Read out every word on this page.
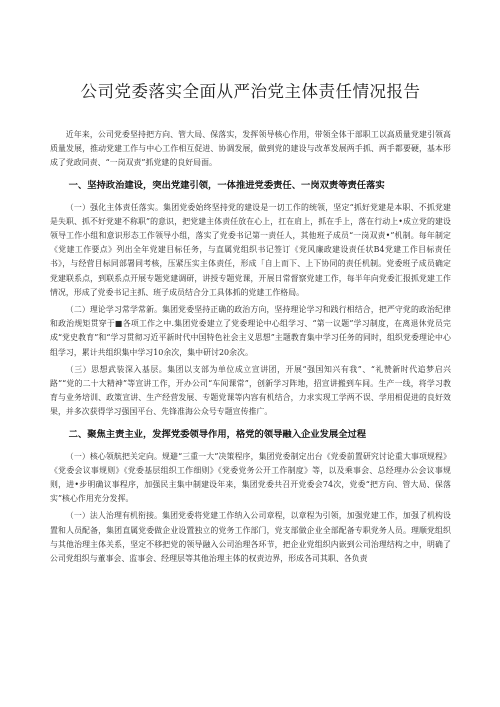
公司党委落实全面从严治党主体责任情况报告

近年来，公司党委坚持把方向、管大局、保落实，发挥领导核心作用，带领全体干部职工以高质量党建引领高质量发展，推动党建工作与中心工作相互促进、协调发展，做到党的建设与改革发展两手抓、两手都要硬，基本形成了党政同责、“一岗双责”抓党建的良好局面。

一、坚持政治建设，突出党建引领，一体推进党委责任、一岗双责等责任落实

（一）强化主体责任落实。集团党委始终坚持党的建设是一切工作的统领，坚定“抓好党建是本职、不抓党建是失职、抓不好党建不称职”的意识，把党建主体责任放在心上，扛在肩上，抓在手上，落在行动上•成立党的建设领导工作小组和意识形态工作领导小组，落实了党委书记第一责任人，其他班子成员“一岗双责•”机制。每年制定《党建工作要点》列出全年党建目标任务，与直属党组织书记签订《党风廉政建设责任状B4党建工作目标责任书》，与经营目标同部署同考核，压紧压实主体责任，形成「自上而下、上下协同的责任机制。党委班子成员确定党建联系点，到联系点开展专题党建调研，讲授专题党课，开展日常督察党建工作，每半年向党委汇报抓党建工作情况，形成了党委书记主抓、班子成员结合分工具体抓的党建工作格局。

（二）理论学习常学常新。集团党委坚持正确的政治方向，坚持理论学习和践行相结合，把严守党的政治纪律和政治规矩贯穿于■各项工作之中.集团党委建立了党委理论中心组学习、“第一议题”学习制度，在离退休党员完成“党史教育”和“学习贯彻习近平新时代中国特色社会主义思想”主题教育集中学习任务的同时，组织党委理论中心组学习，累计共组织集中学习10余次，集中研讨20余次。

（三）思想武装深入基层。集团以支部为单位成立宣讲团，开展“强国知兴有我”、“礼赞新时代追梦启兴路”“党的二十大精神”等宣讲工作，开办公司“车间课常”，创新学习阵地，招宣讲搬到车间。生产一线，将学习教育与业务培训、政策宣讲、生产经营发展、专题党课等内容有机结合，力求实现工学两不误、学用相促进的良好效果，并多次获得学习强国平台、先锋准海公众号专题宣传推广。

二、聚焦主责主业，发挥党委领导作用，格党的领导融入企业发展全过程

（一）核心领航把关定向。规避“三重一大”决策程序，集团党委制定出台《党委前置研究讨论重大事项规程》《党委会议事规则》《党委基层组织工作细则》《党委党务公开工作制度》等，以及乘事会、总经理办公会议事规则，进•步明确议事程序，加强民主集中制建设年来，集团党委共召开党委会74次，党委“把方向、管大局、保落实”核心作用充分发挥。

（一）法人治理有机衔接。集团党委将党建工作纳入公司章程，以章程为引领，加强党建工作，加强了机构设置和人员配备，集团直属党委做企业设置独立的党务工作部门，党支部做企业全部配备专职党务人员。理顺党组织与其他治理主体关系，坚定不移把党的领导融入公司治理各环节，把企业党组织内嵌到公司治理结构之中，明确了公司党组织与董事会、监事会、经理层等其他治理主体的权责边界，形成各司其职、各负责
